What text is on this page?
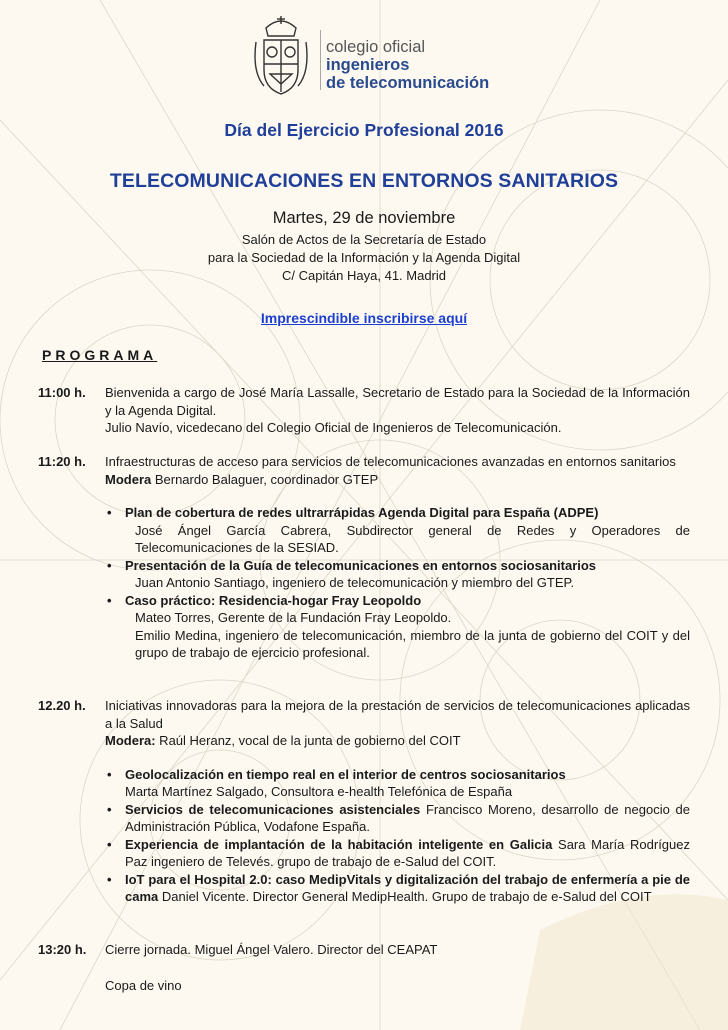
colegio oficial
ingenieros
de telecomunicación
Día del Ejercicio Profesional 2016
TELECOMUNICACIONES EN ENTORNOS SANITARIOS
Martes, 29 de noviembre
Salón de Actos de la Secretaría de Estado
para la Sociedad de la Información y la Agenda Digital
C/ Capitán Haya, 41. Madrid
Imprescindible inscribirse aquí
PROGRAMA
11:00 h. Bienvenida a cargo de José María Lassalle, Secretario de Estado para la Sociedad de la Información y la Agenda Digital.

Julio Navío, vicedecano del Colegio Oficial de Ingenieros de Telecomunicación.

11:20 h. Infraestructuras de acceso para servicios de telecomunicaciones avanzadas en entornos sanitarios

Modera Bernardo Balaguer, coordinador GTEP

• Plan de cobertura de redes ultrarrápidas Agenda Digital para España (ADPE)
José Ángel García Cabrera, Subdirector general de Redes y Operadores de Telecomunicaciones de la SESIAD.
• Presentación de la Guía de telecomunicaciones en entornos sociosanitarios
Juan Antonio Santiago, ingeniero de telecomunicación y miembro del GTEP.
• Caso práctico: Residencia-hogar Fray Leopoldo
Mateo Torres, Gerente de la Fundación Fray Leopoldo.
Emilio Medina, ingeniero de telecomunicación, miembro de la junta de gobierno del COIT y del grupo de trabajo de ejercicio profesional.
12.20 h. Iniciativas innovadoras para la mejora de la prestación de servicios de telecomunicaciones aplicadas a la Salud

Modera: Raúl Heranz, vocal de la junta de gobierno del COIT

• Geolocalización en tiempo real en el interior de centros sociosanitarios
Marta Martínez Salgado, Consultora e-health Telefónica de España
• Servicios de telecomunicaciones asistenciales Francisco Moreno, desarrollo de negocio de Administración Pública, Vodafone España.
• Experiencia de implantación de la habitación inteligente en Galicia Sara María Rodríguez Paz ingeniero de Televés. grupo de trabajo de e-Salud del COIT.
• IoT para el Hospital 2.0: caso MedipVitals y digitalización del trabajo de enfermería a pie de cama Daniel Vicente. Director General MedipHealth. Grupo de trabajo de e-Salud del COIT
13:20 h. Cierre jornada. Miguel Ángel Valero. Director del CEAPAT

Copa de vino
